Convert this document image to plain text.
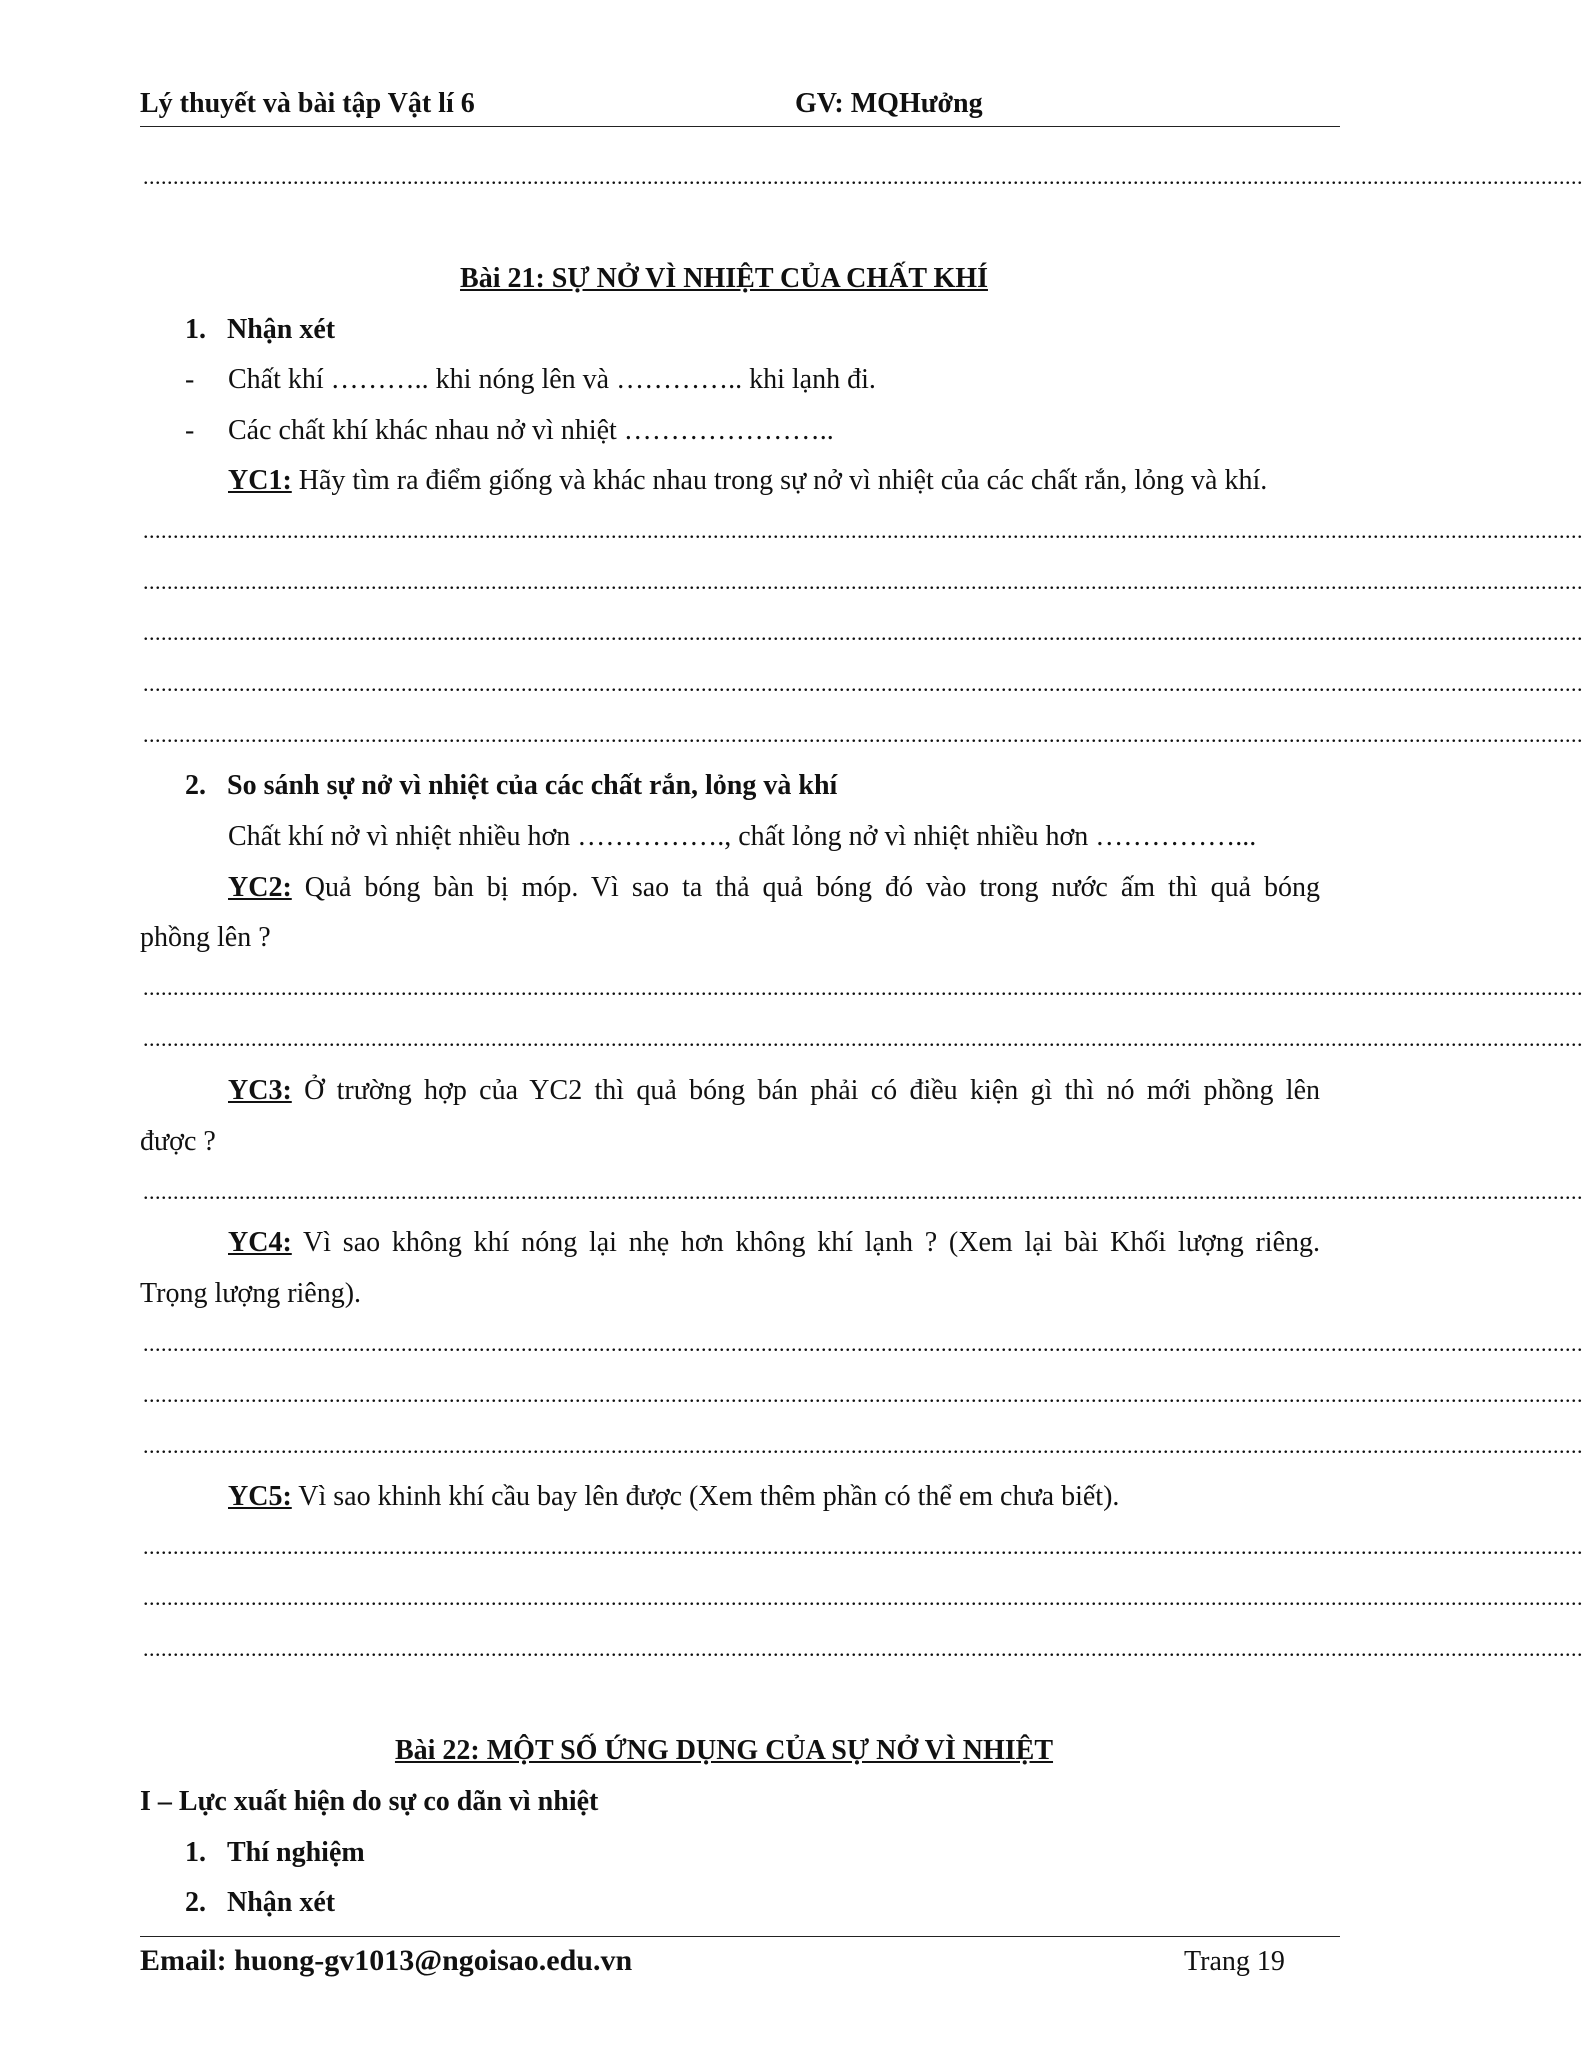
Lý thuyết và bài tập Vật lí 6	GV: MQHưởng
................................................................................................................................................................................................................................................
Bài 21: SỰ NỞ VÌ NHIỆT CỦA CHẤT KHÍ
1. Nhận xét
- Chất khí ……….. khi nóng lên và ………….. khi lạnh đi.
- Các chất khí khác nhau nở vì nhiệt …………………..
YC1: Hãy tìm ra điểm giống và khác nhau trong sự nở vì nhiệt của các chất rắn, lỏng và khí.
................................................................................................................................................................................................................................................
................................................................................................................................................................................................................................................
................................................................................................................................................................................................................................................
................................................................................................................................................................................................................................................
................................................................................................................................................................................................................................................
2. So sánh sự nở vì nhiệt của các chất rắn, lỏng và khí
Chất khí nở vì nhiệt nhiều hơn ……………., chất lỏng nở vì nhiệt nhiều hơn ……………...
YC2: Quả bóng bàn bị móp. Vì sao ta thả quả bóng đó vào trong nước ấm thì quả bóng
phồng lên ?
................................................................................................................................................................................................................................................
................................................................................................................................................................................................................................................
YC3: Ở trường hợp của YC2 thì quả bóng bán phải có điều kiện gì thì nó mới phồng lên
được ?
................................................................................................................................................................................................................................................
YC4: Vì sao không khí nóng lại nhẹ hơn không khí lạnh ? (Xem lại bài Khối lượng riêng.
Trọng lượng riêng).
................................................................................................................................................................................................................................................
................................................................................................................................................................................................................................................
................................................................................................................................................................................................................................................
YC5: Vì sao khinh khí cầu bay lên được (Xem thêm phần có thể em chưa biết).
................................................................................................................................................................................................................................................
................................................................................................................................................................................................................................................
................................................................................................................................................................................................................................................
Bài 22: MỘT SỐ ỨNG DỤNG CỦA SỰ NỞ VÌ NHIỆT
I – Lực xuất hiện do sự co dãn vì nhiệt
1. Thí nghiệm
2. Nhận xét
Email: huong-gv1013@ngoisao.edu.vn	Trang 19
